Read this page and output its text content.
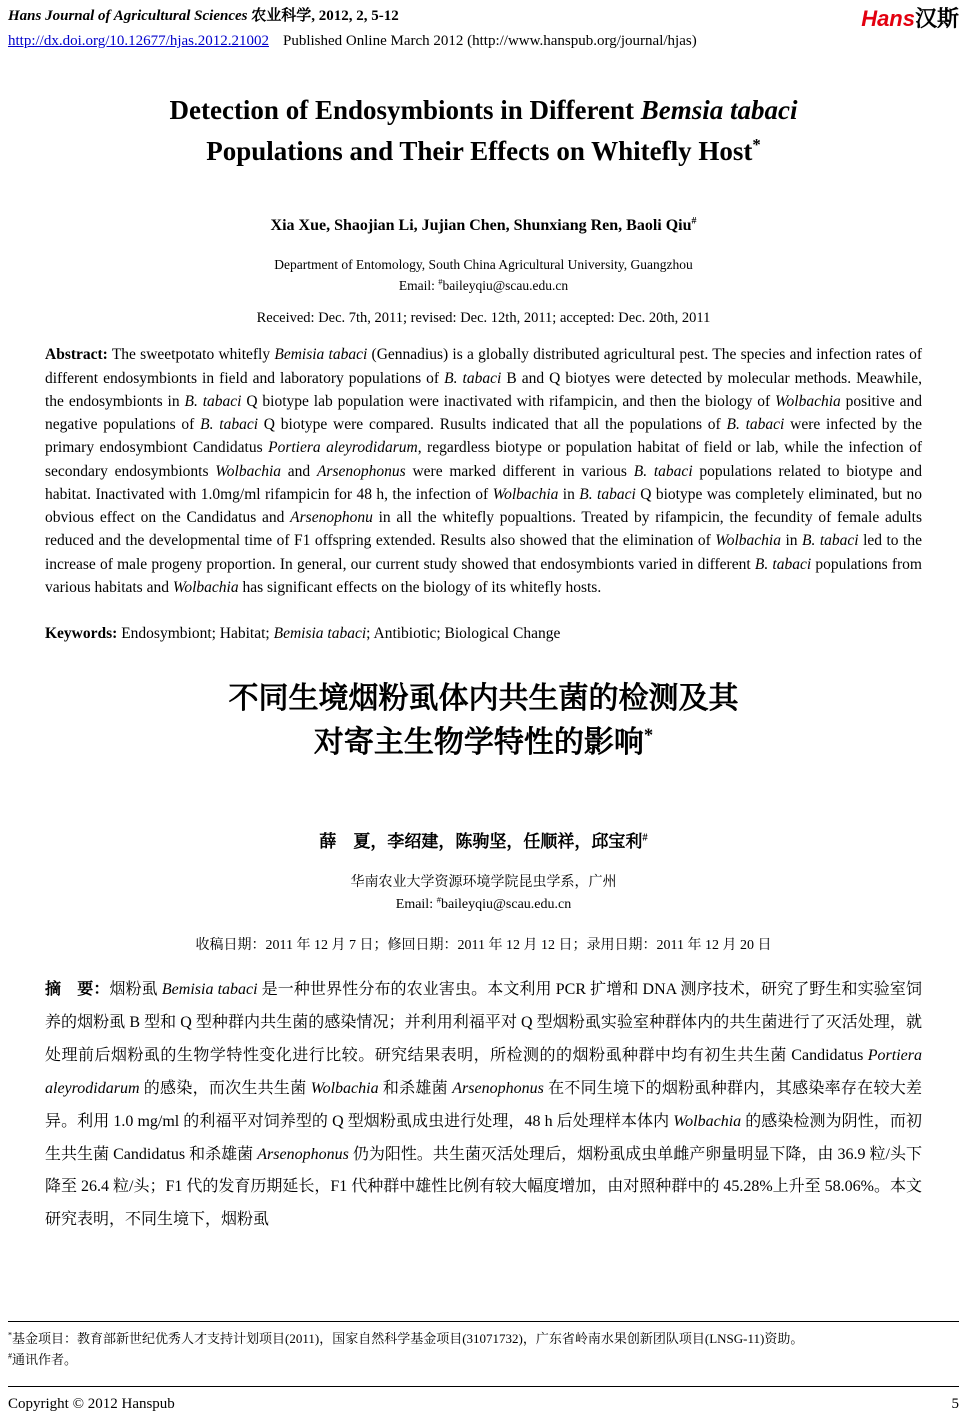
Hans Journal of Agricultural Sciences 农业科学, 2012, 2, 5-12	Hans汉斯
http://dx.doi.org/10.12677/hjas.2012.21002 Published Online March 2012 (http://www.hanspub.org/journal/hjas)
Detection of Endosymbionts in Different Bemsia tabaci
Populations and Their Effects on Whitefly Host*
Xia Xue, Shaojian Li, Jujian Chen, Shunxiang Ren, Baoli Qiu#
Department of Entomology, South China Agricultural University, Guangzhou
Email: #baileyqiu@scau.edu.cn
Received: Dec. 7th, 2011; revised: Dec. 12th, 2011; accepted: Dec. 20th, 2011

Abstract: The sweetpotato whitefly Bemisia tabaci (Gennadius) is a globally distributed agricultural pest. The species and infection rates of different endosymbionts in field and laboratory populations of B. tabaci B and Q biotyes were detected by molecular methods. Meawhile, the endosymbionts in B. tabaci Q biotype lab population were inactivated with rifampicin, and then the biology of Wolbachia positive and negative populations of B. tabaci Q biotype were compared. Rusults indicated that all the populations of B. tabaci were infected by the primary endosymbiont Candidatus Portiera aleyrodidarum, regardless biotype or population habitat of field or lab, while the infection of secondary endosymbionts Wolbachia and Arsenophonus were marked different in various B. tabaci populations related to biotype and habitat. Inactivated with 1.0mg/ml rifampicin for 48 h, the infection of Wolbachia in B. tabaci Q biotype was completely eliminated, but no obvious effect on the Candidatus and Arsenophonu in all the whitefly popualtions. Treated by rifampicin, the fecundity of female adults reduced and the developmental time of F1 offspring extended. Results also showed that the elimination of Wolbachia in B. tabaci led to the increase of male progeny proportion. In general, our current study showed that endosymbionts varied in different B. tabaci populations from various habitats and Wolbachia has significant effects on the biology of its whitefly hosts.

Keywords: Endosymbiont; Habitat; Bemisia tabaci; Antibiotic; Biological Change

不同生境烟粉虱体内共生菌的检测及其
对寄主生物学特性的影响*
薛　夏，李绍建，陈驹坚，任顺祥，邱宝利#
华南农业大学资源环境学院昆虫学系，广州
Email: #baileyqiu@scau.edu.cn
收稿日期：2011 年 12 月 7 日；修回日期：2011 年 12 月 12 日；录用日期：2011 年 12 月 20 日

摘　要：烟粉虱 Bemisia tabaci 是一种世界性分布的农业害虫。本文利用 PCR 扩增和 DNA 测序技术，研究了野生和实验室饲养的烟粉虱 B 型和 Q 型种群内共生菌的感染情况；并利用利福平对 Q 型烟粉虱实验室种群体内的共生菌进行了灭活处理，就处理前后烟粉虱的生物学特性变化进行比较。研究结果表明，所检测的的烟粉虱种群中均有初生共生菌 Candidatus Portiera aleyrodidarum 的感染，而次生共生菌 Wolbachia 和杀雄菌 Arsenophonus 在不同生境下的烟粉虱种群内，其感染率存在较大差异。利用 1.0 mg/ml 的利福平对饲养型的 Q 型烟粉虱成虫进行处理，48 h 后处理样本体内 Wolbachia 的感染检测为阴性，而初生共生菌 Candidatus 和杀雄菌 Arsenophonus 仍为阳性。共生菌灭活处理后，烟粉虱成虫单雌产卵量明显下降，由 36.9 粒/头下降至 26.4 粒/头；F1 代的发育历期延长，F1 代种群中雄性比例有较大幅度增加，由对照种群中的 45.28%上升至 58.06%。本文研究表明，不同生境下，烟粉虱

*基金项目：教育部新世纪优秀人才支持计划项目(2011)，国家自然科学基金项目(31071732)，广东省岭南水果创新团队项目(LNSG-11)资助。
#通讯作者。
Copyright © 2012 Hanspub	5
